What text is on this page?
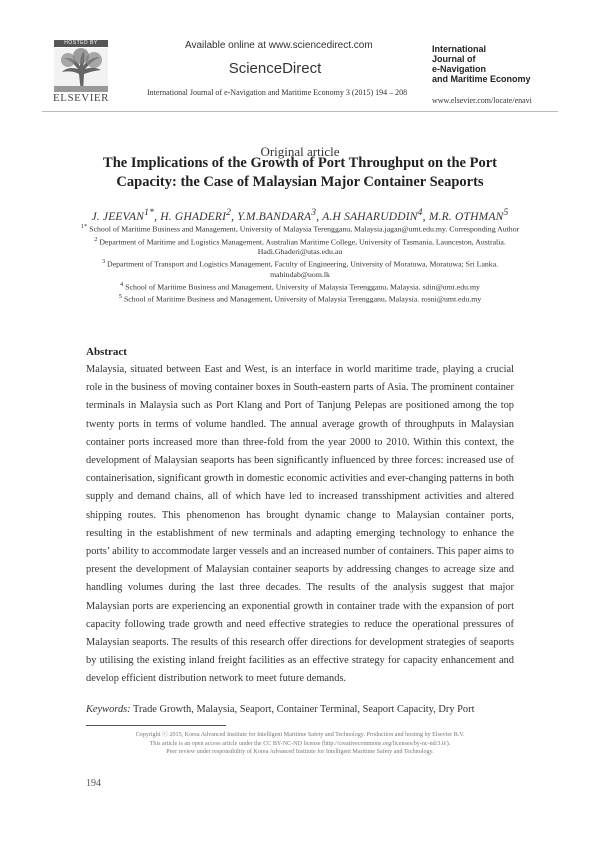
HOSTED BY
ELSEVIER
Available online at www.sciencedirect.com
ScienceDirect
International Journal of e-Navigation and Maritime Economy 3 (2015) 194 – 208
International
Journal of
e-Navigation
and Maritime Economy
www.elsevier.com/locate/enavi
Original article
The Implications of the Growth of Port Throughput on the Port Capacity: the Case of Malaysian Major Container Seaports
J. $JEEVAN^{1*}$, H. GHADERI$^2$, Y.M.BANDARA$^3$, A.H SAHARUDDIN$^4$, M.R. OTHMAN$^5$

$^{1*}$ School of Maritime Business and Management, University of Malaysia Terengganu, Malaysia.jagan@umt.edu.my. Corresponding Author

$^2$ Department of Maritime and Logistics Management, Australian Maritime College, University of Tasmania, Launceston, Australia. Hadi.Ghaderi@utas.edu.au

$^3$ Department of Transport and Logistics Management, Faculty of Engineering, University of Moratuwa, Moratuwa; Sri Lanka. mahindab@uom.lk

$^4$ School of Maritime Business and Management, University of Malaysia Terengganu, Malaysia. sdin@umt.edu.my

$^5$ School of Maritime Business and Management, University of Malaysia Terengganu, Malaysia. rosni@umt.edu.my

Abstract
Malaysia, situated between East and West, is an interface in world maritime trade, playing a crucial role in the business of moving container boxes in South-eastern parts of Asia. The prominent container terminals in Malaysia such as Port Klang and Port of Tanjung Pelepas are positioned among the top twenty ports in terms of volume handled. The annual average growth of throughputs in Malaysian container ports increased more than three-fold from the year 2000 to 2010. Within this context, the development of Malaysian seaports has been significantly influenced by three forces: increased use of containerisation, significant growth in domestic economic activities and ever-changing patterns in both supply and demand chains, all of which have led to increased transshipment activities and altered shipping routes. This phenomenon has brought dynamic change to Malaysian container ports, resulting in the establishment of new terminals and adapting emerging technology to enhance the ports’ ability to accommodate larger vessels and an increased number of containers. This paper aims to present the development of Malaysian container seaports by addressing changes to acreage size and handling volumes during the last three decades. The results of the analysis suggest that major Malaysian ports are experiencing an exponential growth in container trade with the expansion of port capacity following trade growth and need effective strategies to reduce the operational pressures of Malaysian seaports. The results of this research offer directions for development strategies of seaports by utilising the existing inland freight facilities as an effective strategy for capacity enhancement and develop efficient distribution network to meet future demands.
Keywords: Trade Growth, Malaysia, Seaport, Container Terminal, Seaport Capacity, Dry Port
Copyright ⓒ 2015, Korea Advanced Institute for Intelligent Maritime Safety and Technology. Production and hosting by Elsevier B.V.
This article is an open access article under the CC BY-NC-ND license (http://creativecommons.org/licenses/by-nc-nd/3.0/).
Peer review under responsibility of Korea Advanced Institute for Intelligent Maritime Safety and Technology.
194
